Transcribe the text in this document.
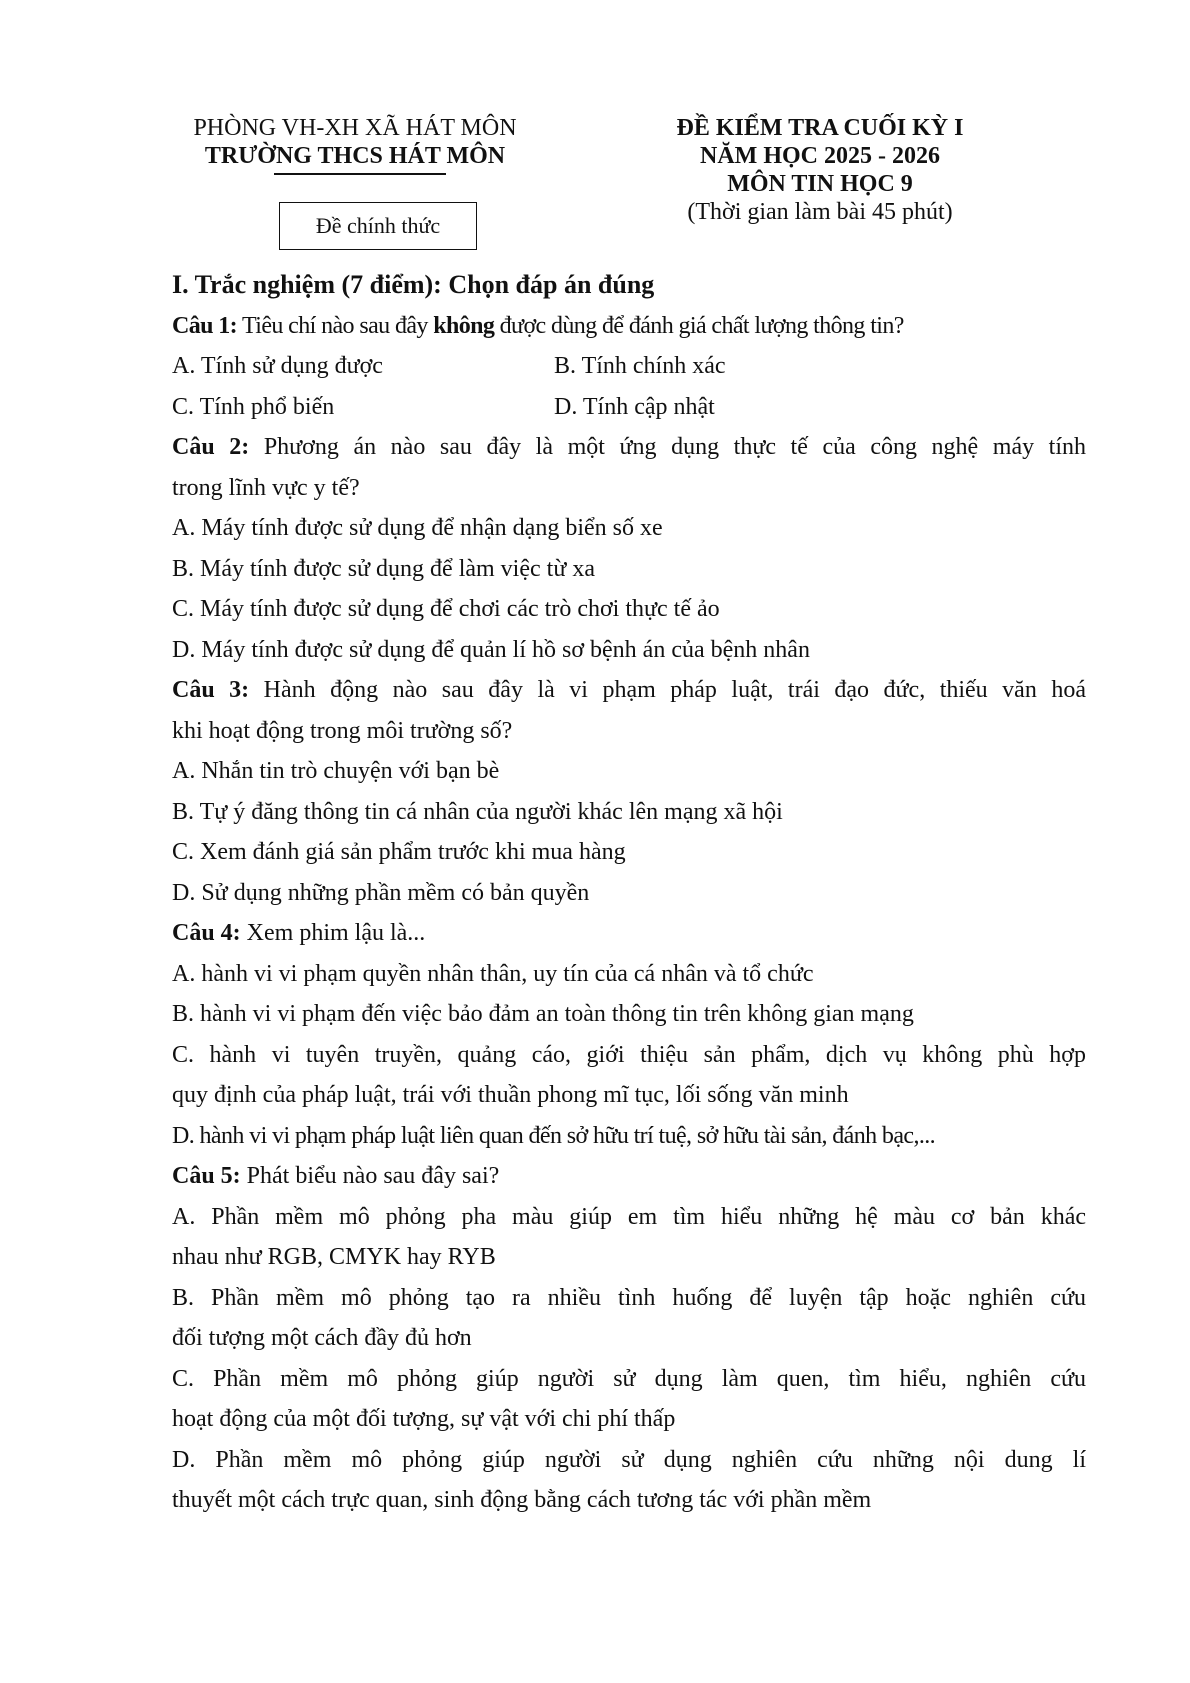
PHÒNG VH-XH XÃ HÁT MÔN
TRƯỜNG THCS HÁT MÔN
Đề chính thức
ĐỀ KIỂM TRA CUỐI KỲ I
NĂM HỌC 2025 - 2026
MÔN TIN HỌC 9
(Thời gian làm bài 45 phút)
I. Trắc nghiệm (7 điểm): Chọn đáp án đúng
Câu 1: Tiêu chí nào sau đây không được dùng để đánh giá chất lượng thông tin?
A. Tính sử dụng được	B. Tính chính xác
C. Tính phổ biến	D. Tính cập nhật
Câu 2: Phương án nào sau đây là một ứng dụng thực tế của công nghệ máy tính
trong lĩnh vực y tế?
A. Máy tính được sử dụng để nhận dạng biển số xe
B. Máy tính được sử dụng để làm việc từ xa
C. Máy tính được sử dụng để chơi các trò chơi thực tế ảo
D. Máy tính được sử dụng để quản lí hồ sơ bệnh án của bệnh nhân
Câu 3: Hành động nào sau đây là vi phạm pháp luật, trái đạo đức, thiếu văn hoá
khi hoạt động trong môi trường số?
A. Nhắn tin trò chuyện với bạn bè
B. Tự ý đăng thông tin cá nhân của người khác lên mạng xã hội
C. Xem đánh giá sản phẩm trước khi mua hàng
D. Sử dụng những phần mềm có bản quyền
Câu 4: Xem phim lậu là...
A. hành vi vi phạm quyền nhân thân, uy tín của cá nhân và tổ chức
B. hành vi vi phạm đến việc bảo đảm an toàn thông tin trên không gian mạng
C. hành vi tuyên truyền, quảng cáo, giới thiệu sản phẩm, dịch vụ không phù hợp
quy định của pháp luật, trái với thuần phong mĩ tục, lối sống văn minh
D. hành vi vi phạm pháp luật liên quan đến sở hữu trí tuệ, sở hữu tài sản, đánh bạc,...
Câu 5: Phát biểu nào sau đây sai?
A. Phần mềm mô phỏng pha màu giúp em tìm hiểu những hệ màu cơ bản khác
nhau như RGB, CMYK hay RYB
B. Phần mềm mô phỏng tạo ra nhiều tình huống để luyện tập hoặc nghiên cứu
đối tượng một cách đầy đủ hơn
C. Phần mềm mô phỏng giúp người sử dụng làm quen, tìm hiểu, nghiên cứu
hoạt động của một đối tượng, sự vật với chi phí thấp
D. Phần mềm mô phỏng giúp người sử dụng nghiên cứu những nội dung lí
thuyết một cách trực quan, sinh động bằng cách tương tác với phần mềm
